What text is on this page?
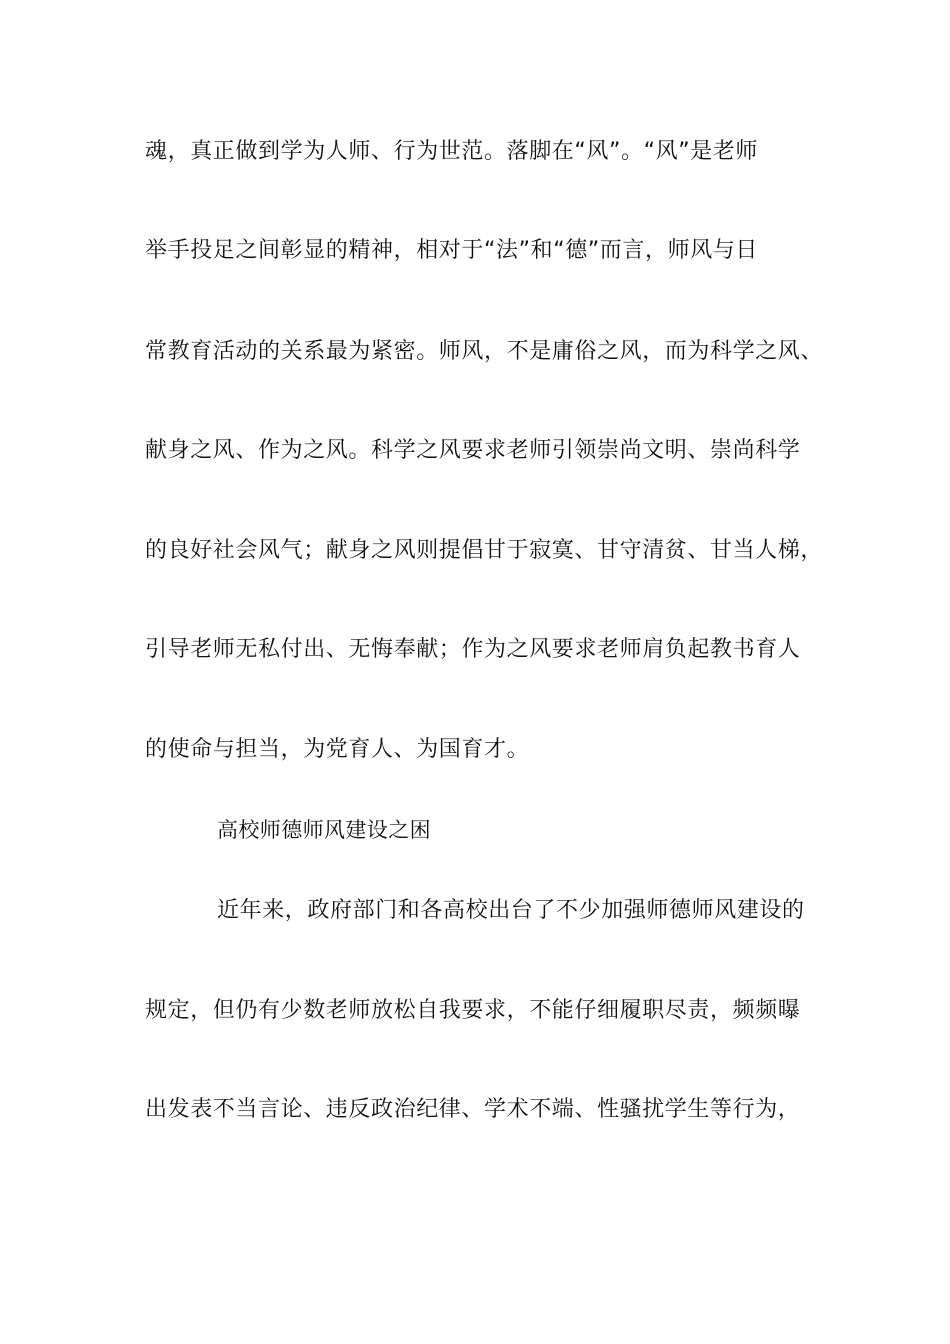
魂，真正做到学为人师、行为世范。落脚在“风”。“风”是老师
举手投足之间彰显的精神，相对于“法”和“德”而言，师风与日
常教育活动的关系最为紧密。师风，不是庸俗之风，而为科学之风、
献身之风、作为之风。科学之风要求老师引领崇尚文明、崇尚科学
的良好社会风气；献身之风则提倡甘于寂寞、甘守清贫、甘当人梯，
引导老师无私付出、无悔奉献；作为之风要求老师肩负起教书育人
的使命与担当，为党育人、为国育才。
高校师德师风建设之困
近年来，政府部门和各高校出台了不少加强师德师风建设的
规定，但仍有少数老师放松自我要求，不能仔细履职尽责，频频曝
出发表不当言论、违反政治纪律、学术不端、性骚扰学生等行为，
